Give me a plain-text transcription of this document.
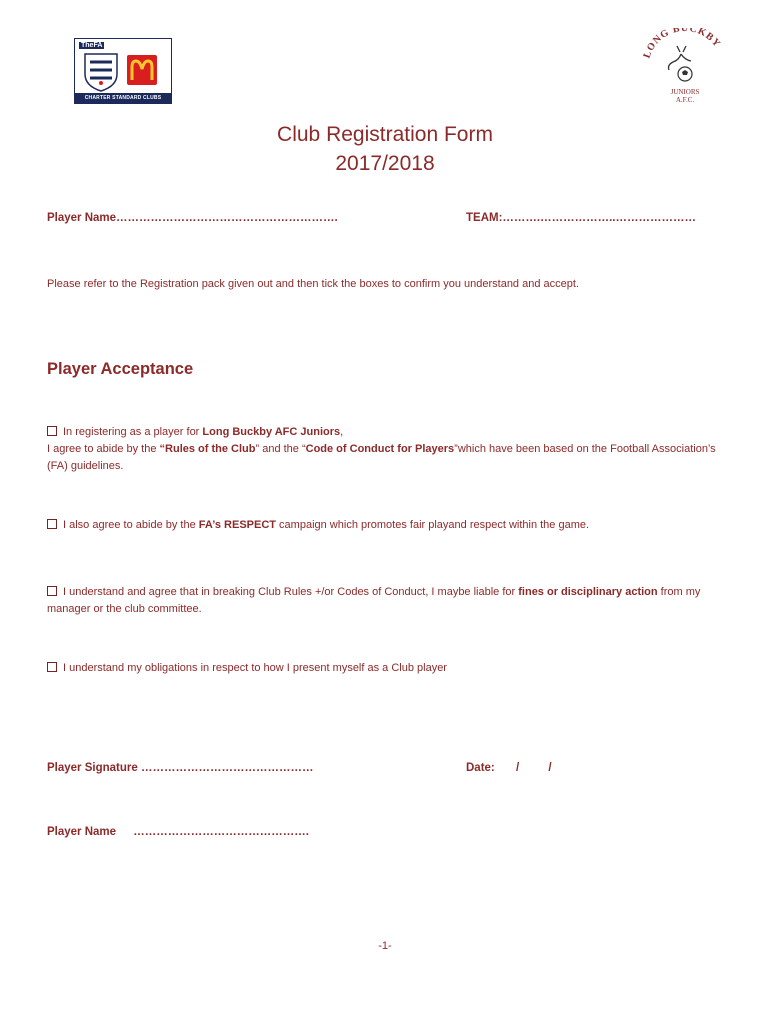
TheFA
CHARTER STANDARD CLUBS
LONG BUCKBY
JUNIORS
A.F.C.
Club Registration Form
2017/2018
Player Name………………………………………………….	TEAM:……….………………..…………………
Please refer to the Registration pack given out and then tick the boxes to confirm you understand and accept.
Player Acceptance
In registering as a player for Long Buckby AFC Juniors,
I agree to abide by the “Rules of the Club” and the “Code of Conduct for Players”which have been based on the Football Association’s (FA) guidelines.
I also agree to abide by the FA’s RESPECT campaign which promotes fair playand respect within the game.
I understand and agree that in breaking Club Rules +/or Codes of Conduct, I maybe liable for fines or disciplinary action from my manager or the club committee.
I understand my obligations in respect to how I present myself as a Club player
Player Signature ………………………………………	Date: /	/
Player Name ……………………………………….
-1-
